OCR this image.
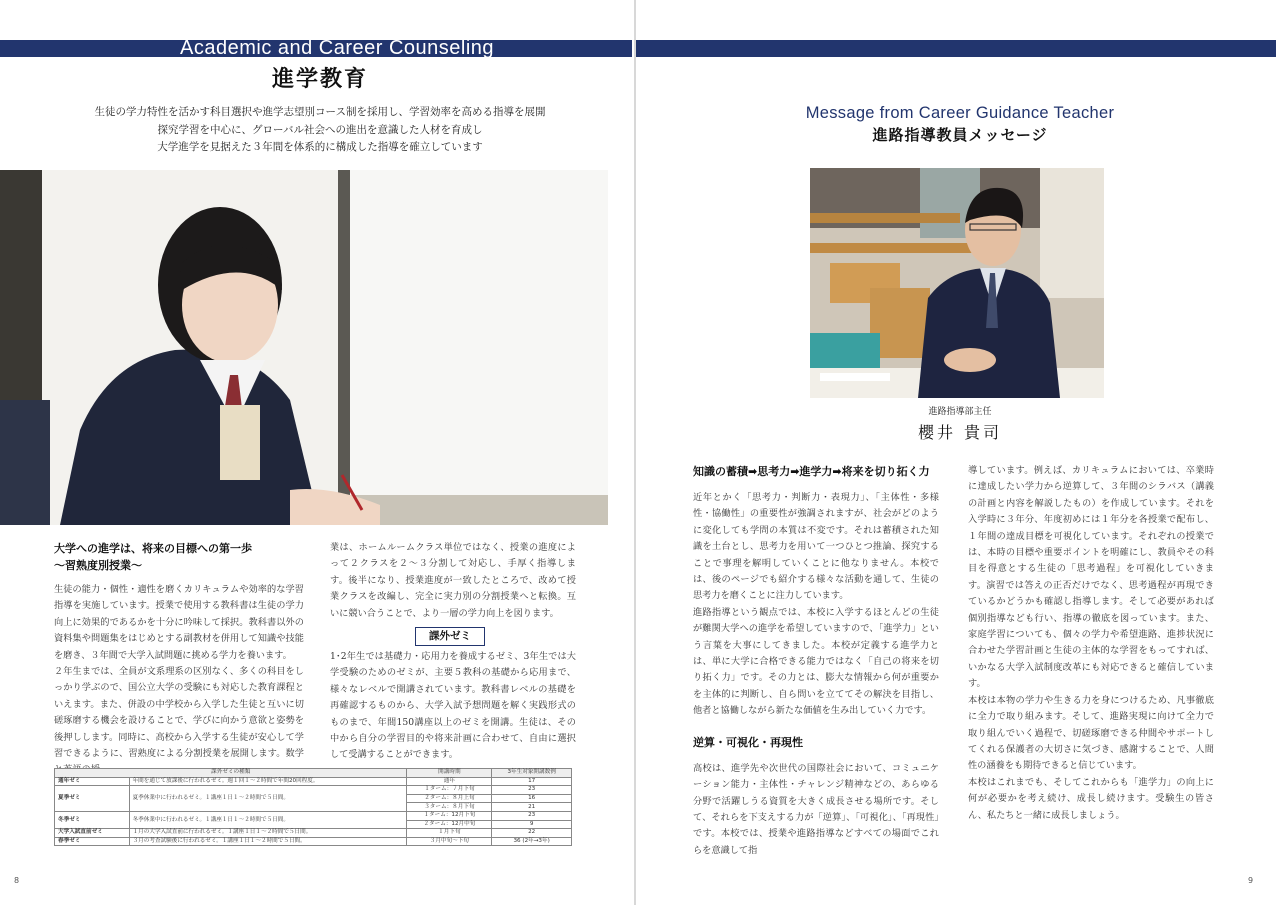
Academic and Career Counseling
進学教育
生徒の学力特性を活かす科目選択や進学志望別コース制を採用し、学習効率を高める指導を展開
探究学習を中心に、グローバル社会への進出を意識した人材を育成し
大学進学を見据えた３年間を体系的に構成した指導を確立しています
大学への進学は、将来の目標への第一歩
〜習熟度別授業〜

生徒の能力・個性・適性を磨くカリキュラムや効率的な学習指導を実施しています。授業で使用する教科書は生徒の学力向上に効果的であるかを十分に吟味して採択。教科書以外の資料集や問題集をはじめとする副教材を併用して知識や技能を磨き、３年間で大学入試問題に挑める学力を養います。

２年生までは、全員が文系理系の区別なく、多くの科目をしっかり学ぶので、国公立大学の受験にも対応した教育課程といえます。また、併設の中学校から入学した生徒と互いに切磋琢磨する機会を設けることで、学びに向かう意欲と姿勢を後押しします。同時に、高校から入学する生徒が安心して学習できるように、習熟度による分割授業を展開します。数学

業は、ホームルームクラス単位ではなく、授業の進度によって２クラスを２〜３分割して対応し、手厚く指導します。後半になり、授業進度が一致したところで、改めて授業クラスを改編し、完全に実力別の分割授業へと転換。互いに競い合うことで、より一層の学力向上を図ります。

課外ゼミ

1･2年生では基礎力・応用力を養成するゼミ、3年生では大学受験のためのゼミが、主要５教科の基礎から応用まで、様々なレベルで開講されています。教科書レベルの基礎を再確認するものから、大学入試予想問題を解く実践形式のものまで、年間150講座以上のゼミを開講。生徒は、その中から自分の学習目的や将来計画に合わせて、自由に選択して受講することができます。

課外ゼミの種類		開講時期	3年生対象開講数例
通年ゼミ	年間を通じて放課後に行われるゼミ。週１回１〜２時間で年間20回程度。	通年	17
夏季ゼミ	夏季休業中に行われるゼミ。１講座１日１〜２時間で５日間。	１ターム：７月下旬	23
		２ターム：８月上旬	16
		３ターム：８月下旬	21
冬季ゼミ	冬季休業中に行われるゼミ。１講座１日１〜２時間で５日間。	１ターム：12月下旬	23
		２ターム：12月中旬	9
大学入試直前ゼミ	１月の大学入試直前に行われるゼミ。１講座１日１〜２時間で５日間。	１月下旬	22
春季ゼミ	３月の考査試験後に行われるゼミ。１講座１日１〜２時間で５日間。	３月中旬〜下旬	36 (2年→3年)
8
Message from Career Guidance Teacher
進路指導教員メッセージ
進路指導部主任
櫻井 貴司
知識の蓄積➡思考力➡進学力➡将来を切り拓く力

近年とかく「思考力・判断力・表現力」、「主体性・多様性・協働性」の重要性が強調されますが、社会がどのように変化しても学問の本質は不変です。それは蓄積された知識を土台とし、思考力を用いて一つひとつ推論、探究することで事理を解明していくことに他なりません。本校では、後のページでも紹介する様々な活動を通して、生徒の思考力を磨くことに注力しています。

進路指導という観点では、本校に入学するほとんどの生徒が難関大学への進学を希望していますので、「進学力」という言葉を大事にしてきました。本校が定義する進学力とは、単に大学に合格できる能力ではなく「自己の将来を切り拓く力」です。その力とは、膨大な情報から何が重要かを主体的に判断し、自ら問いを立ててその解決を目指し、他者と協働しながら新たな価値を生み出していく力です。

逆算・可視化・再現性

高校は、進学先や次世代の国際社会において、コミュニケーション能力・主体性・チャレンジ精神などの、あらゆる分野で活躍しうる資質を大きく成長させる場所です。そして、それらを下支えする力が「逆算」、「可視化」、「再現性」です。本校では、授業や進路指導などすべての場面でこれらを意識して指

導しています。例えば、カリキュラムにおいては、卒業時に達成したい学力から逆算して、３年間のシラバス（講義の計画と内容を解説したもの）を作成しています。それを入学時に３年分、年度初めには１年分を各授業で配布し、１年間の達成目標を可視化しています。それぞれの授業では、本時の目標や重要ポイントを明確にし、教員やその科目を得意とする生徒の「思考過程」を可視化していきます。演習では答えの正否だけでなく、思考過程が再現できているかどうかも確認し指導します。そして必要があれば個別指導なども行い、指導の徹底を図っています。また、家庭学習についても、個々の学力や希望進路、進捗状況に合わせた学習計画と生徒の主体的な学習をもってすれば、いかなる大学入試制度改革にも対応できると確信しています。

本校は本物の学力や生きる力を身につけるため、凡事徹底に全力で取り組みます。そして、進路実現に向けて全力で取り組んでいく過程で、切磋琢磨できる仲間やサポートしてくれる保護者の大切さに気づき、感謝することで、人間性の涵養をも期待できると信じています。

本校はこれまでも、そしてこれからも「進学力」の向上に何が必要かを考え続け、成長し続けます。受験生の皆さん、私たちと一緒に成長しましょう。

9
